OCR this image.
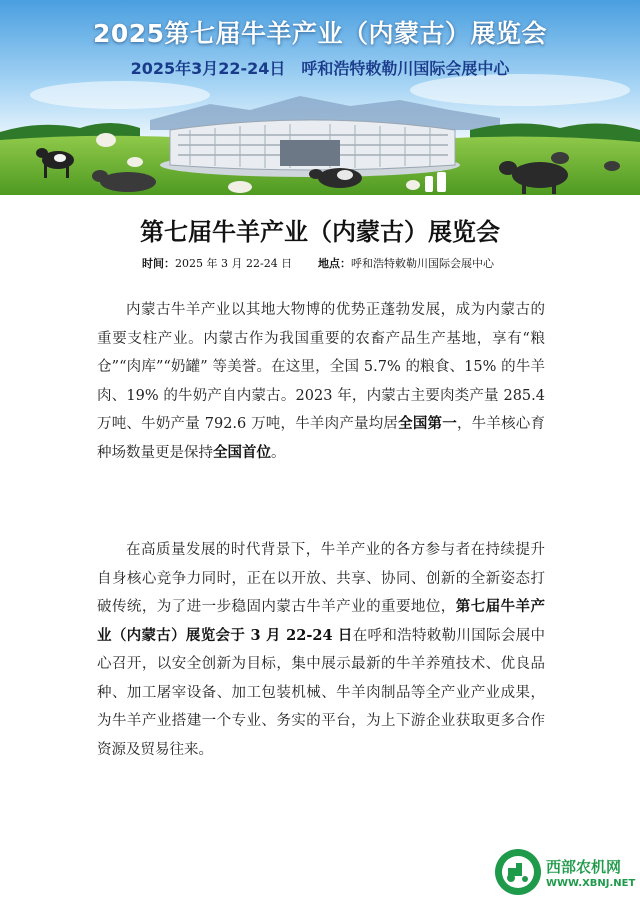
2025第七届牛羊产业（内蒙古）展览会
2025年3月22-24日　呼和浩特敕勒川国际会展中心
第七届牛羊产业（内蒙古）展览会
时间：2025 年 3 月 22-24 日 地点：呼和浩特敕勒川国际会展中心

内蒙古牛羊产业以其地大物博的优势正蓬勃发展，成为内蒙古的重要支柱产业。内蒙古作为我国重要的农畜产品生产基地，享有“粮仓”“肉库”“奶罐” 等美誉。在这里，全国 5.7% 的粮食、15% 的牛羊肉、19% 的牛奶产自内蒙古。2023 年，内蒙古主要肉类产量 285.4 万吨、牛奶产量 792.6 万吨，牛羊肉产量均居全国第一，牛羊核心育种场数量更是保持全国首位。

在高质量发展的时代背景下，牛羊产业的各方参与者在持续提升自身核心竞争力同时，正在以开放、共享、协同、创新的全新姿态打破传统，为了进一步稳固内蒙古牛羊产业的重要地位，第七届牛羊产业（内蒙古）展览会于 3 月 22-24 日在呼和浩特敕勒川国际会展中心召开，以安全创新为目标，集中展示最新的牛羊养殖技术、优良品种、加工屠宰设备、加工包装机械、牛羊肉制品等全产业产业成果，为牛羊产业搭建一个专业、务实的平台，为上下游企业获取更多合作资源及贸易往来。

西部农机网
WWW.XBNJ.NET
